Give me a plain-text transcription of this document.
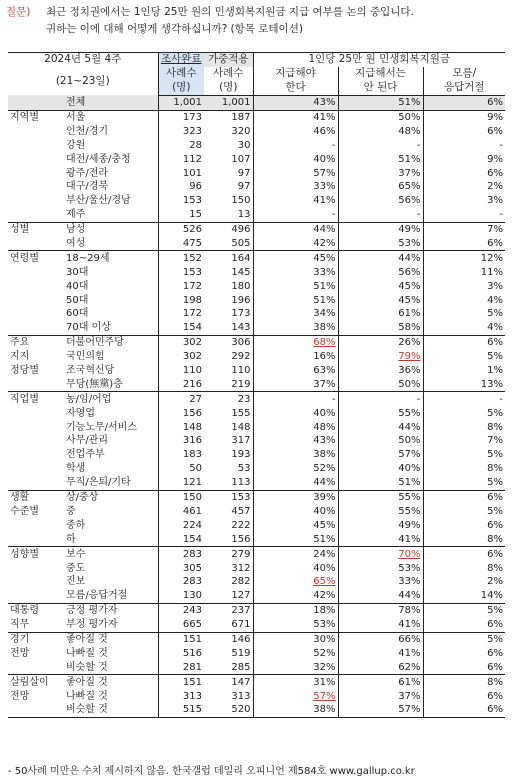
질문) 최근 정치권에서는 1인당 25만 원의 민생회복지원금 지급 여부를 논의 중입니다.
귀하는 이에 대해 어떻게 생각하십니까? (항목 로테이션)
2024년 5월 4주		조사완료	가중적용	1인당 25만 원 민생회복지원금		
(21~23일)		사례수	사례수	지급해야	지급해서는	모름/
		(명)	(명)	한다	안 된다	응답거절
	전체	1,001	1,001	43%	51%	6%
지역별	서울	173	187	41%	50%	9%
	인천/경기	323	320	46%	48%	6%
	강원	28	30	-	-	-
	대전/세종/충청	112	107	40%	51%	9%
	광주/전라	101	97	57%	37%	6%
	대구/경북	96	97	33%	65%	2%
	부산/울산/경남	153	150	41%	56%	3%
	제주	15	13	-	-	-
성별	남성	526	496	44%	49%	7%
	여성	475	505	42%	53%	6%
연령별	18~29세	152	164	45%	44%	12%
	30대	153	145	33%	56%	11%
	40대	172	180	51%	45%	3%
	50대	198	196	51%	45%	4%
	60대	172	173	34%	61%	5%
	70대 이상	154	143	38%	58%	4%
주요	더불어민주당	302	306	68%	26%	6%
지지	국민의힘	302	292	16%	79%	5%
정당별	조국혁신당	110	110	63%	36%	1%
	무당(無黨)층	216	219	37%	50%	13%
직업별	농/임/어업	27	23	-	-	-
	자영업	156	155	40%	55%	5%
	기능노무/서비스	148	148	48%	44%	8%
	사무/관리	316	317	43%	50%	7%
	전업주부	183	193	38%	57%	5%
	학생	50	53	52%	40%	8%
	무직/은퇴/기타	121	113	44%	51%	5%
생활	상/중상	150	153	39%	55%	6%
수준별	중	461	457	40%	55%	5%
	중하	224	222	45%	49%	6%
	하	154	156	51%	41%	8%
성향별	보수	283	279	24%	70%	6%
	중도	305	312	40%	53%	8%
	진보	283	282	65%	33%	2%
	모름/응답거절	130	127	42%	44%	14%
대통령	긍정 평가자	243	237	18%	78%	5%
직무	부정 평가자	665	671	53%	41%	6%
경기	좋아질 것	151	146	30%	66%	5%
전망	나빠질 것	516	519	52%	41%	6%
	비슷할 것	281	285	32%	62%	6%
살림살이	좋아질 것	151	147	31%	61%	8%
전망	나빠질 것	313	313	57%	37%	6%
	비슷할 것	515	520	38%	57%	6%
- 50사례 미만은 수치 제시하지 않음. 한국갤럽 데일리 오피니언 제584호 www.gallup.co.kr
